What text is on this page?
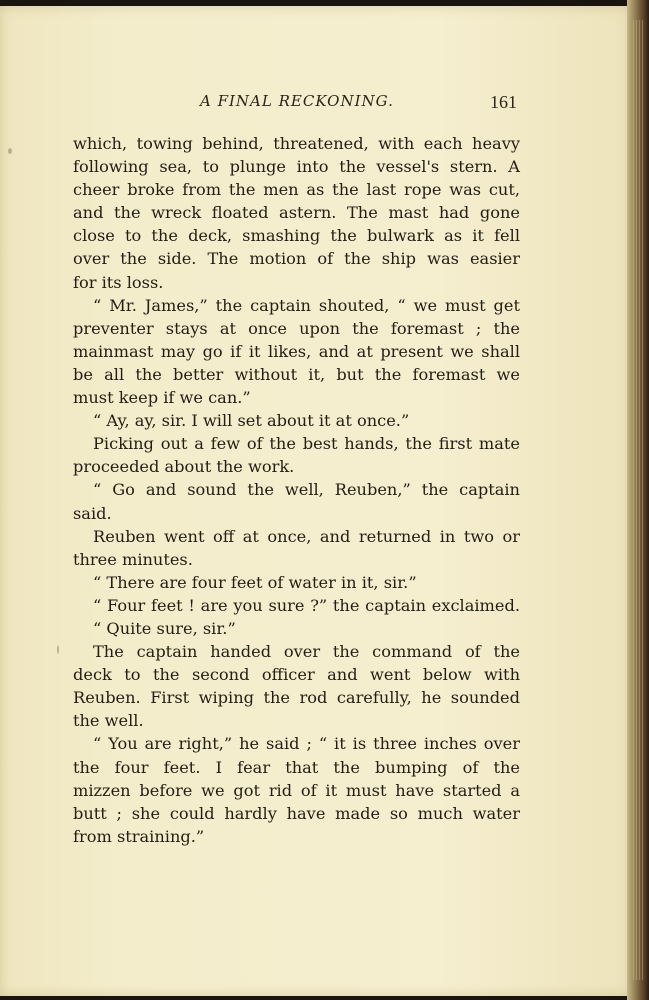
A FINAL RECKONING.	161
which, towing behind, threatened, with each heavy
following sea, to plunge into the vessel's stern. A
cheer broke from the men as the last rope was cut,
and the wreck floated astern. The mast had gone
close to the deck, smashing the bulwark as it fell
over the side. The motion of the ship was easier
for its loss.
“ Mr. James,” the captain shouted, “ we must get
preventer stays at once upon the foremast ; the
mainmast may go if it likes, and at present we shall
be all the better without it, but the foremast we
must keep if we can.”
“ Ay, ay, sir. I will set about it at once.”
Picking out a few of the best hands, the first mate
proceeded about the work.
“ Go and sound the well, Reuben,” the captain
said.
Reuben went off at once, and returned in two or
three minutes.
“ There are four feet of water in it, sir.”
“ Four feet ! are you sure ?” the captain exclaimed.
“ Quite sure, sir.”
The captain handed over the command of the
deck to the second officer and went below with
Reuben. First wiping the rod carefully, he sounded
the well.
“ You are right,” he said ; “ it is three inches over
the four feet. I fear that the bumping of the
mizzen before we got rid of it must have started a
butt ; she could hardly have made so much water
from straining.”
